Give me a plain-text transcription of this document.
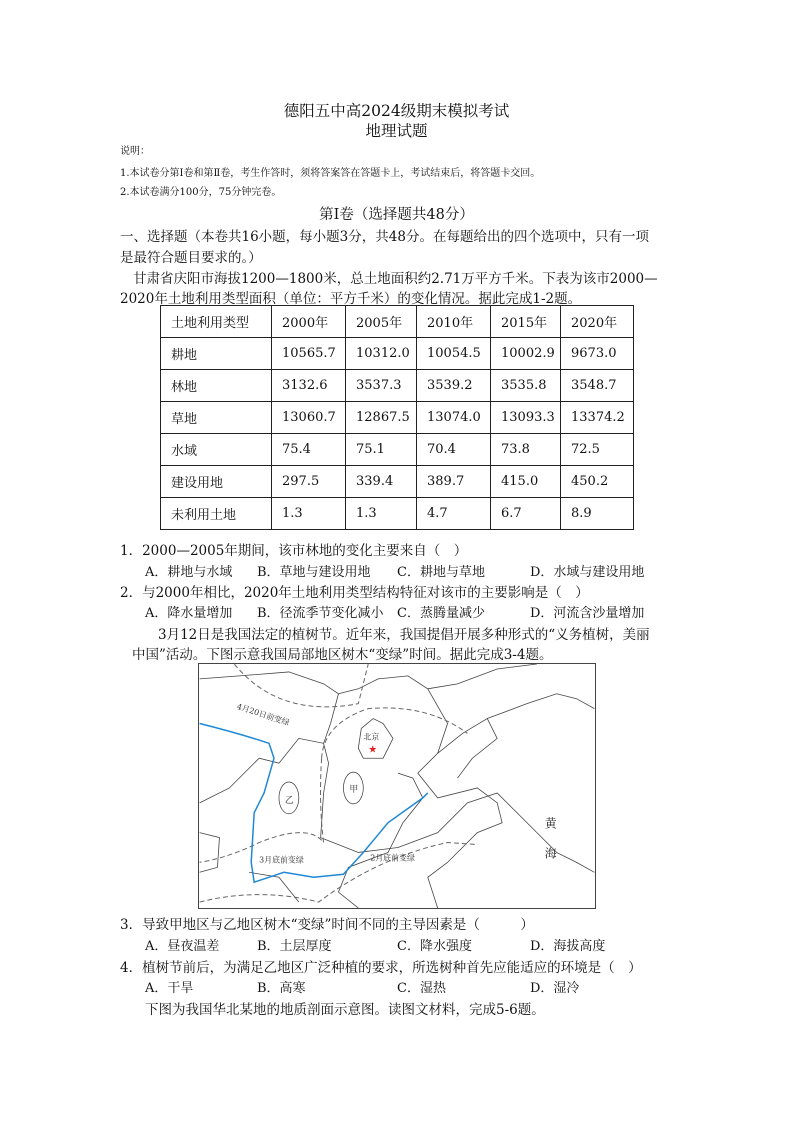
德阳五中高2024级期末模拟考试
地理试题
说明：
1.本试卷分第Ⅰ卷和第Ⅱ卷，考生作答时，须将答案答在答题卡上，考试结束后，将答题卡交回。
2.本试卷满分100分，75分钟完卷。
第Ⅰ卷（选择题共48分）
一、选择题（本卷共16小题，每小题3分，共48分。在每题给出的四个选项中，只有一项
是最符合题目要求的。）
甘肃省庆阳市海拔1200—1800米，总土地面积约2.71万平方千米。下表为该市2000—
2020年土地利用类型面积（单位：平方千米）的变化情况。据此完成1-2题。
土地利用类型	2000年	2005年	2010年	2015年	2020年
耕地	10565.7	10312.0	10054.5	10002.9	9673.0
林地	3132.6	3537.3	3539.2	3535.8	3548.7
草地	13060.7	12867.5	13074.0	13093.3	13374.2
水域	75.4	75.1	70.4	73.8	72.5
建设用地	297.5	339.4	389.7	415.0	450.2
未利用土地	1.3	1.3	4.7	6.7	8.9
1．2000—2005年期间，该市林地的变化主要来自（　）
A．耕地与水域 B．草地与建设用地 C．耕地与草地	D．水域与建设用地
2．与2000年相比，2020年土地利用类型结构特征对该市的主要影响是（　）
A．降水量增加 B．径流季节变化减小 C．蒸腾量减少	D．河流含沙量增加
3月12日是我国法定的植树节。近年来，我国提倡开展多种形式的“义务植树，美丽
中国”活动。下图示意我国局部地区树木“变绿”时间。据此完成3-4题。
4月20日前变绿
3月底前变绿	2月底前变绿
北京
★
甲
乙
黄
海
3．导致甲地区与乙地区树木“变绿”时间不同的主导因素是（　　　）
A．昼夜温差	B．土层厚度	C．降水强度	D．海拔高度
4．植树节前后，为满足乙地区广泛种植的要求，所选树种首先应能适应的环境是（　）
A．干旱	B．高寒	C．湿热	D．湿冷
下图为我国华北某地的地质剖面示意图。读图文材料，完成5-6题。
